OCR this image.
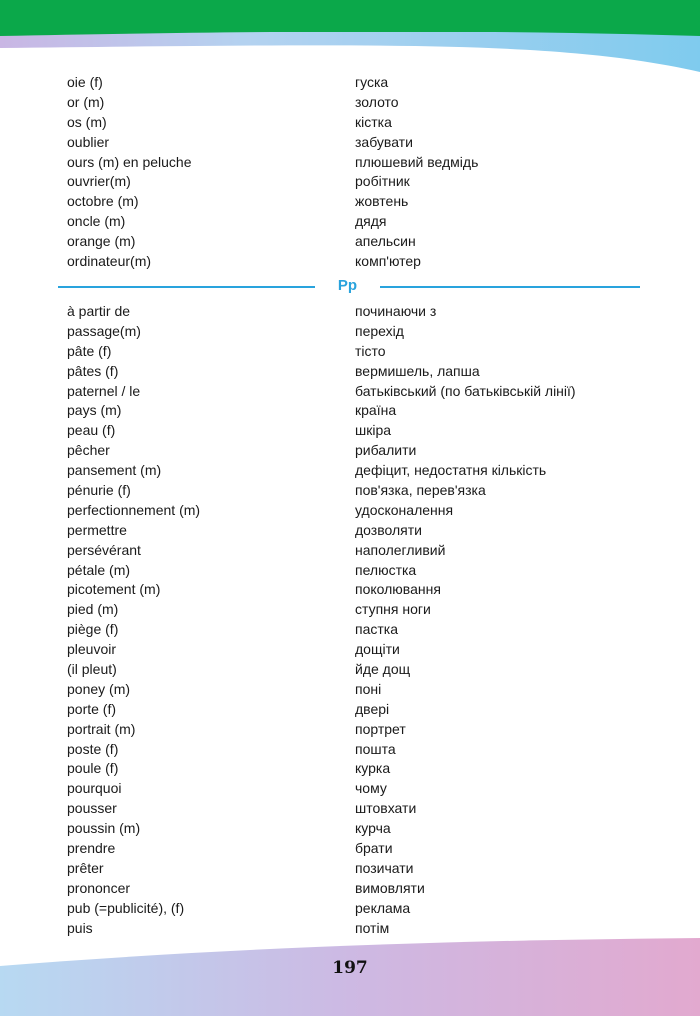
oie (f)	гуска
or (m)	золото
os (m)	кістка
oublier	забувати
ours (m) en peluche	плюшевий ведмідь
ouvrier(m)	робітник
octobre (m)	жовтень
oncle (m)	дядя
orange (m)	апельсин
ordinateur(m)	комп'ютер
Pp
à partir de	починаючи з
passage(m)	перехід
pâte (f)	тісто
pâtes (f)	вермишель, лапша
paternel / le	батьківський (по батьківській лінії)
pays (m)	країна
peau (f)	шкіра
pêcher	рибалити
pansement (m)	дефіцит, недостатня кількість
pénurie (f)	пов'язка, перев'язка
perfectionnement (m)	удосконалення
permettre	дозволяти
persévérant	наполегливий
pétale (m)	пелюстка
picotement (m)	поколювання
pied (m)	ступня ноги
piège (f)	пастка
pleuvoir	дощіти
(il pleut)	йде дощ
poney (m)	поні
porte (f)	двері
portrait (m)	портрет
poste (f)	пошта
poule (f)	курка
pourquoi	чому
pousser	штовхати
poussin (m)	курча
prendre	брати
prêter	позичати
prononcer	вимовляти
pub (=publicité), (f)	реклама
puis	потім
197
